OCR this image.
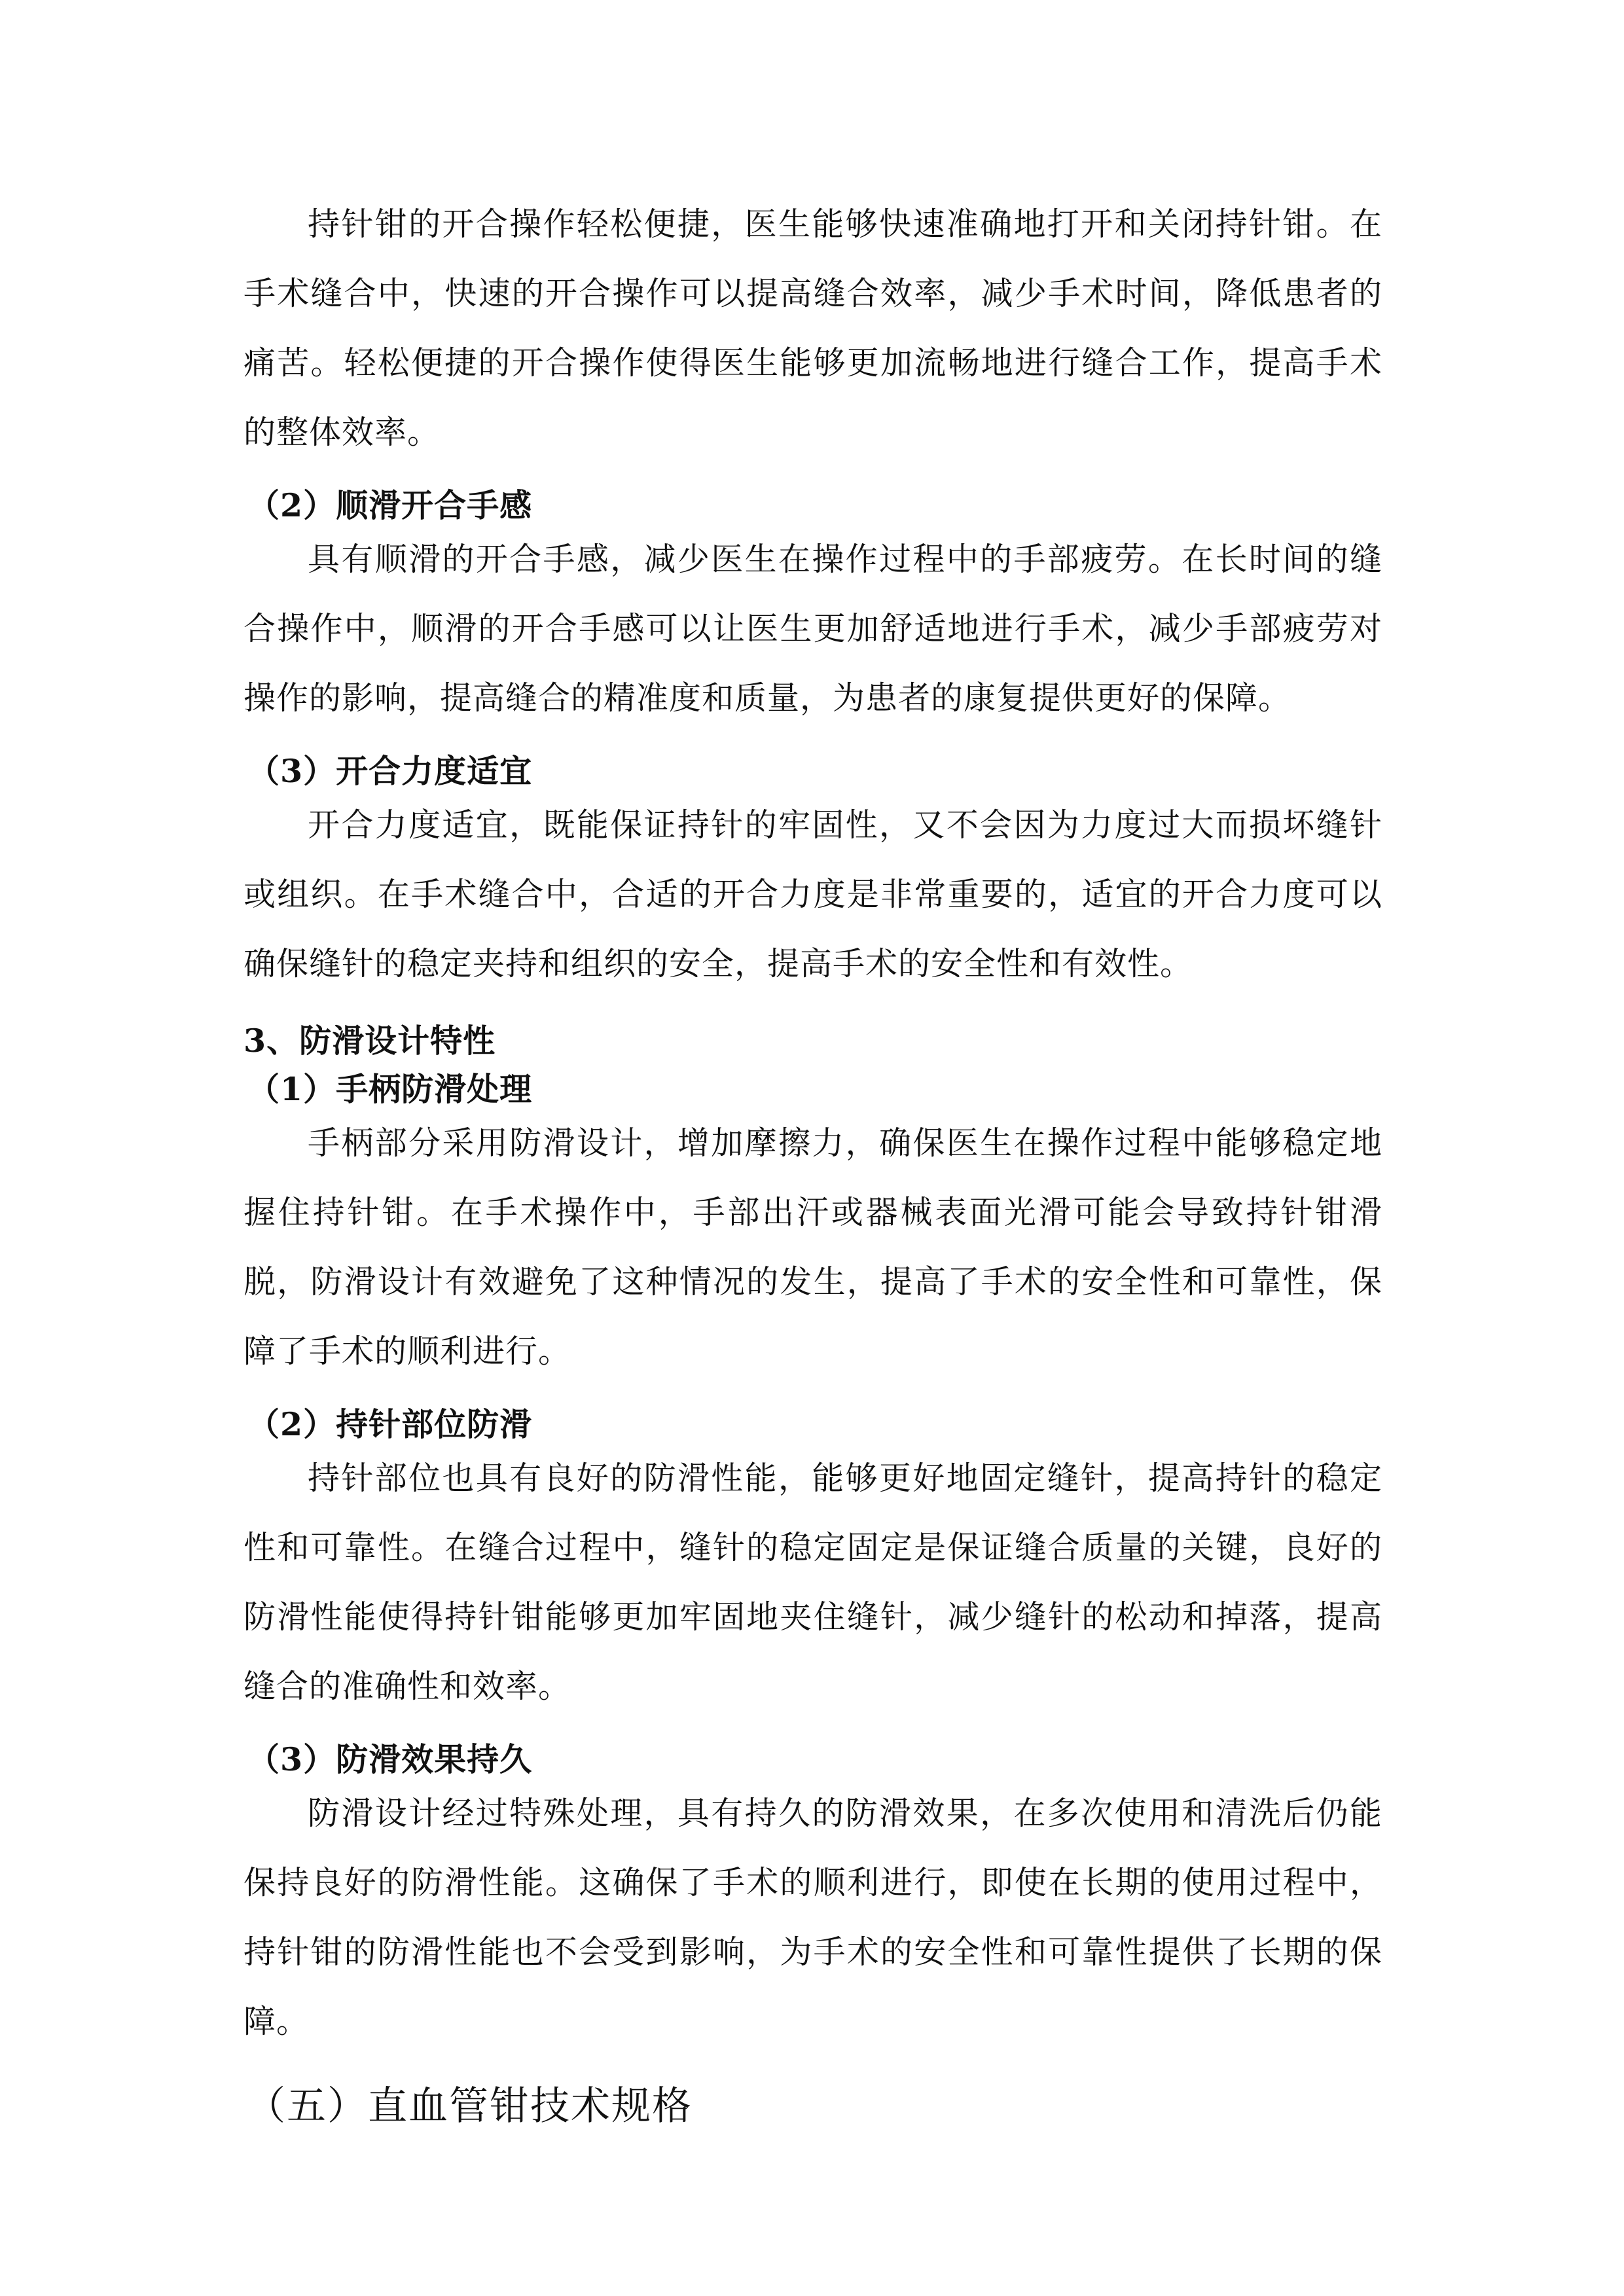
持针钳的开合操作轻松便捷，医生能够快速准确地打开和关闭持针钳。在手术缝合中，快速的开合操作可以提高缝合效率，减少手术时间，降低患者的痛苦。轻松便捷的开合操作使得医生能够更加流畅地进行缝合工作，提高手术的整体效率。

（2）顺滑开合手感

具有顺滑的开合手感，减少医生在操作过程中的手部疲劳。在长时间的缝合操作中，顺滑的开合手感可以让医生更加舒适地进行手术，减少手部疲劳对操作的影响，提高缝合的精准度和质量，为患者的康复提供更好的保障。

（3）开合力度适宜

开合力度适宜，既能保证持针的牢固性，又不会因为力度过大而损坏缝针或组织。在手术缝合中，合适的开合力度是非常重要的，适宜的开合力度可以确保缝针的稳定夹持和组织的安全，提高手术的安全性和有效性。

3、防滑设计特性
（1）手柄防滑处理

手柄部分采用防滑设计，增加摩擦力，确保医生在操作过程中能够稳定地握住持针钳。在手术操作中，手部出汗或器械表面光滑可能会导致持针钳滑脱，防滑设计有效避免了这种情况的发生，提高了手术的安全性和可靠性，保障了手术的顺利进行。

（2）持针部位防滑

持针部位也具有良好的防滑性能，能够更好地固定缝针，提高持针的稳定性和可靠性。在缝合过程中，缝针的稳定固定是保证缝合质量的关键，良好的防滑性能使得持针钳能够更加牢固地夹住缝针，减少缝针的松动和掉落，提高缝合的准确性和效率。

（3）防滑效果持久

防滑设计经过特殊处理，具有持久的防滑效果，在多次使用和清洗后仍能保持良好的防滑性能。这确保了手术的顺利进行，即使在长期的使用过程中，持针钳的防滑性能也不会受到影响，为手术的安全性和可靠性提供了长期的保障。

（五）直血管钳技术规格
